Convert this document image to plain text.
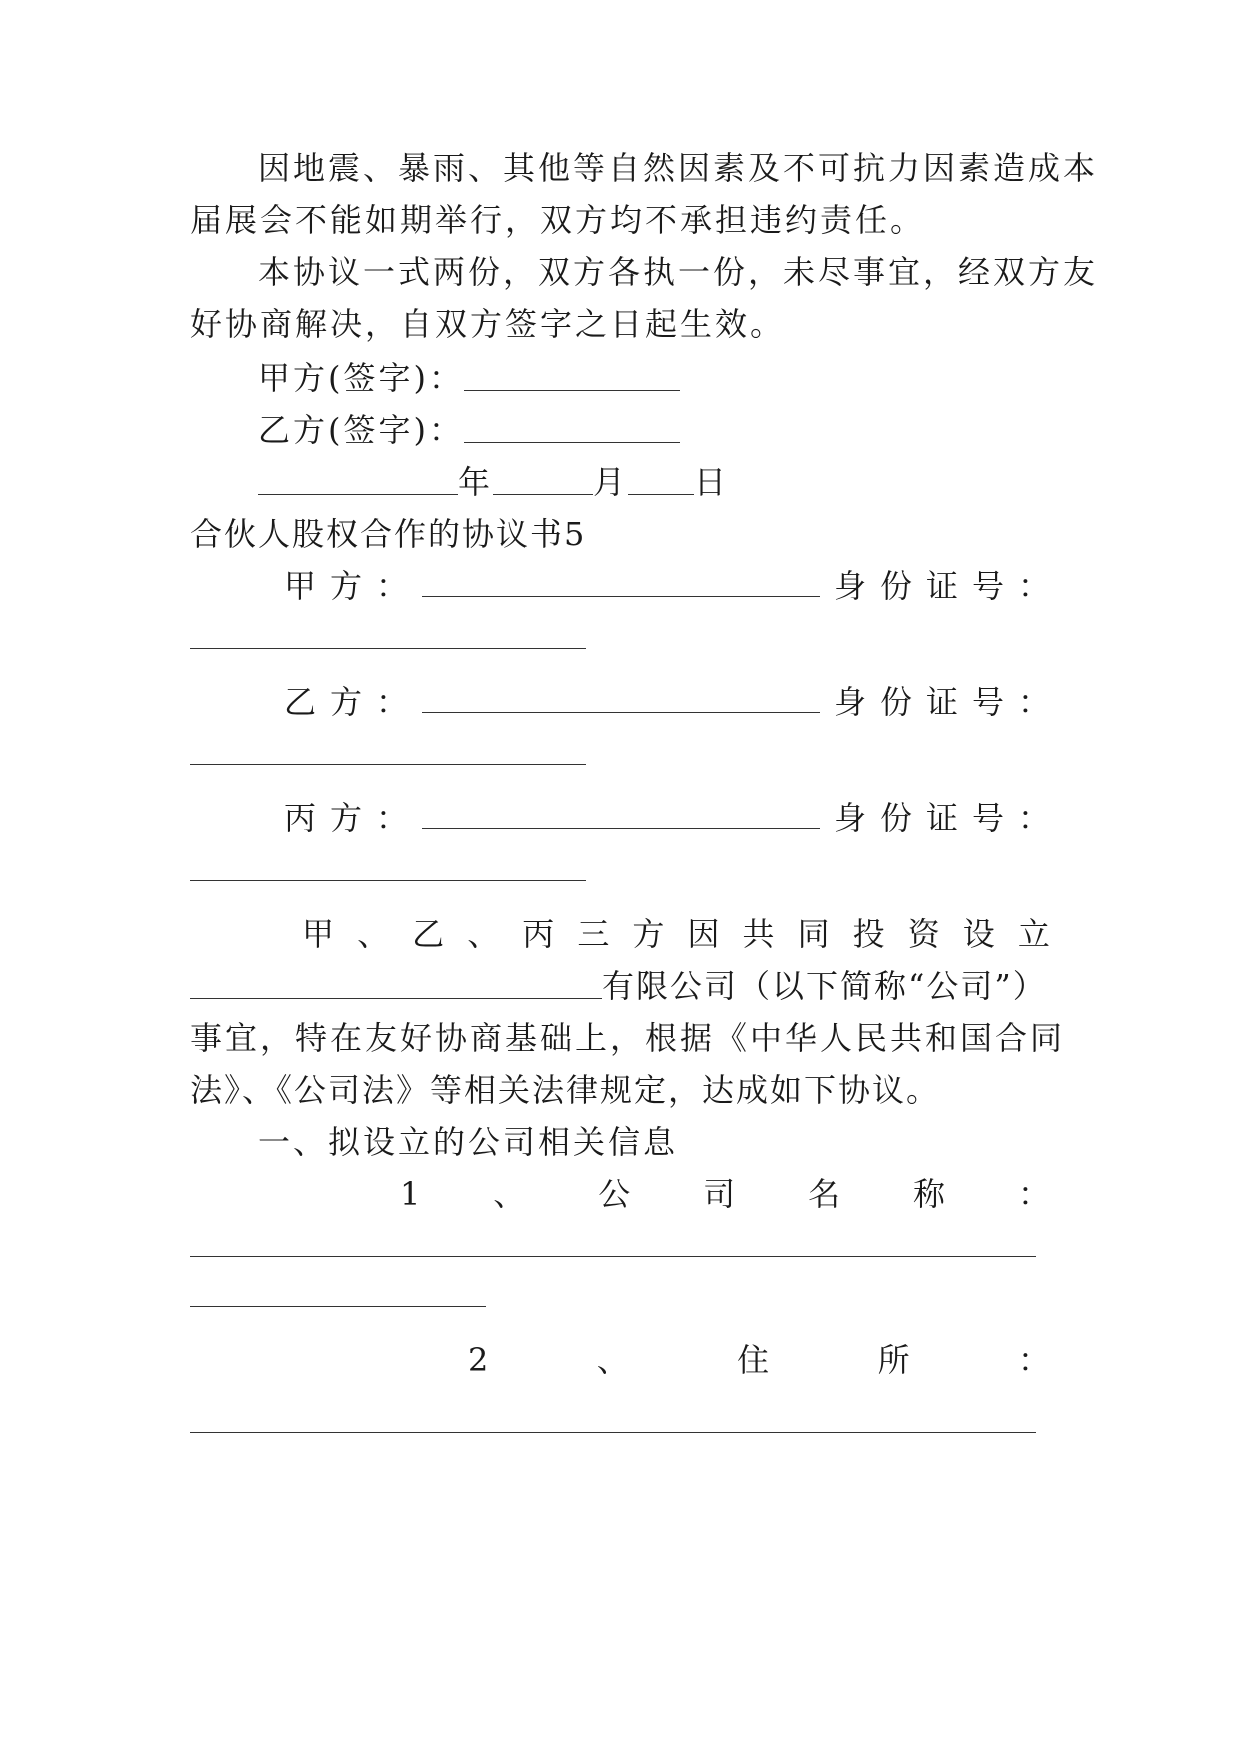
因地震、暴雨、其他等自然因素及不可抗力因素造成本
届展会不能如期举行，双方均不承担违约责任。
本协议一式两份，双方各执一份，未尽事宜，经双方友
好协商解决，自双方签字之日起生效。
甲方(签字)：
乙方(签字)：
年	月 日
合伙人股权合作的协议书5
甲 方 ：	身 份 证 号 ：
乙 方 ：	身 份 证 号 ：
丙 方 ：	身 份 证 号 ：
甲 、 乙 、 丙 三 方 因 共 同 投 资 设 立
有限公司（以下简称“公司”）
事宜，特在友好协商基础上，根据《中华人民共和国合同
法》、《公司法》等相关法律规定，达成如下协议。
一、拟设立的公司相关信息
1 、 公 司 名 称 ：
2	、	住	所	：
